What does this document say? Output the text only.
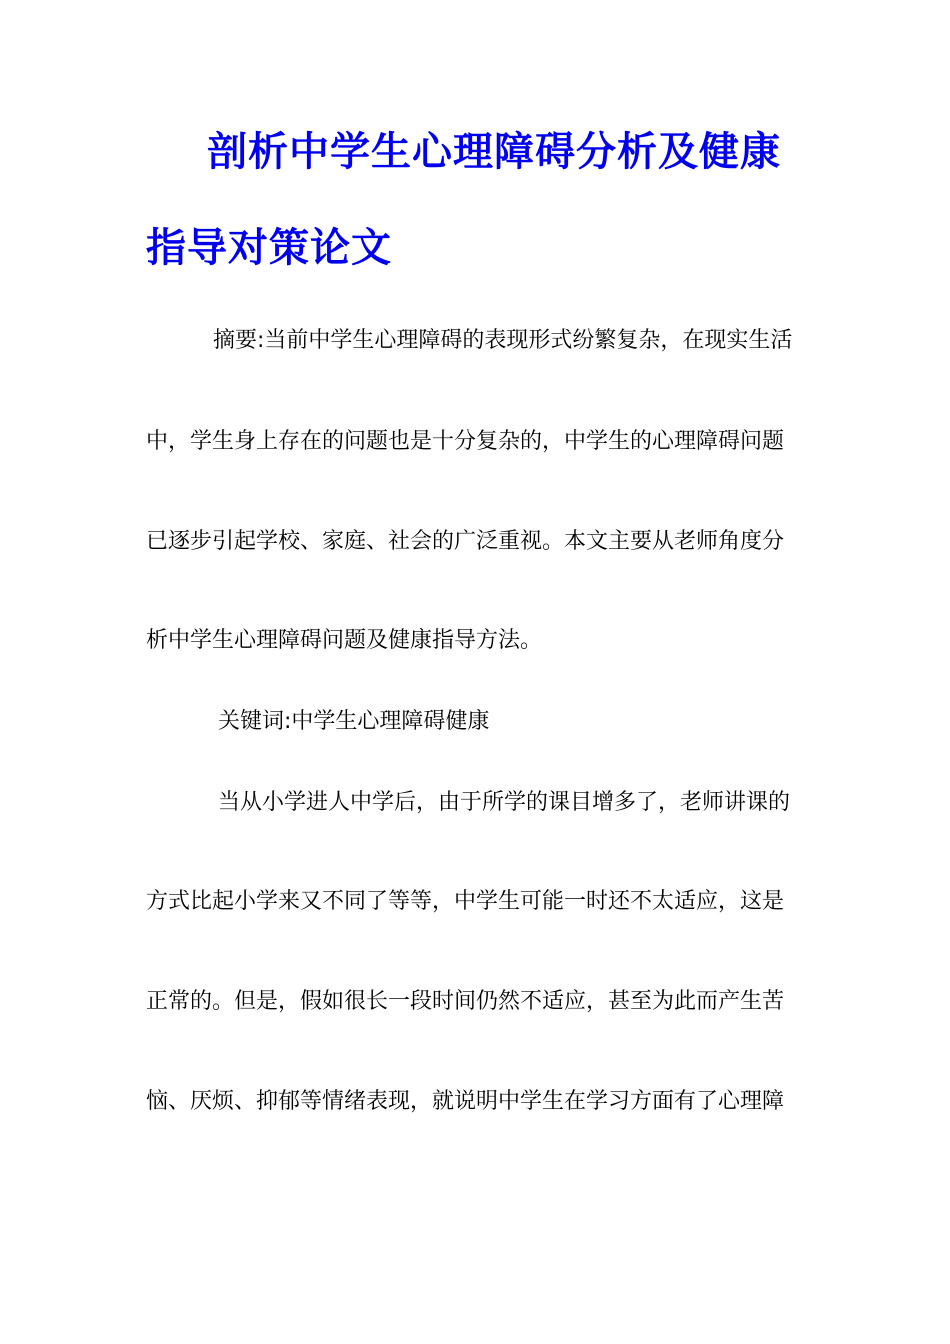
剖析中学生心理障碍分析及健康
指导对策论文

摘要:当前中学生心理障碍的表现形式纷繁复杂，在现实生活

中，学生身上存在的问题也是十分复杂的，中学生的心理障碍问题

已逐步引起学校、家庭、社会的广泛重视。本文主要从老师角度分

析中学生心理障碍问题及健康指导方法。

关键词:中学生心理障碍健康

当从小学进人中学后，由于所学的课目增多了，老师讲课的

方式比起小学来又不同了等等，中学生可能一时还不太适应，这是

正常的。但是，假如很长一段时间仍然不适应，甚至为此而产生苦

恼、厌烦、抑郁等情绪表现，就说明中学生在学习方面有了心理障
